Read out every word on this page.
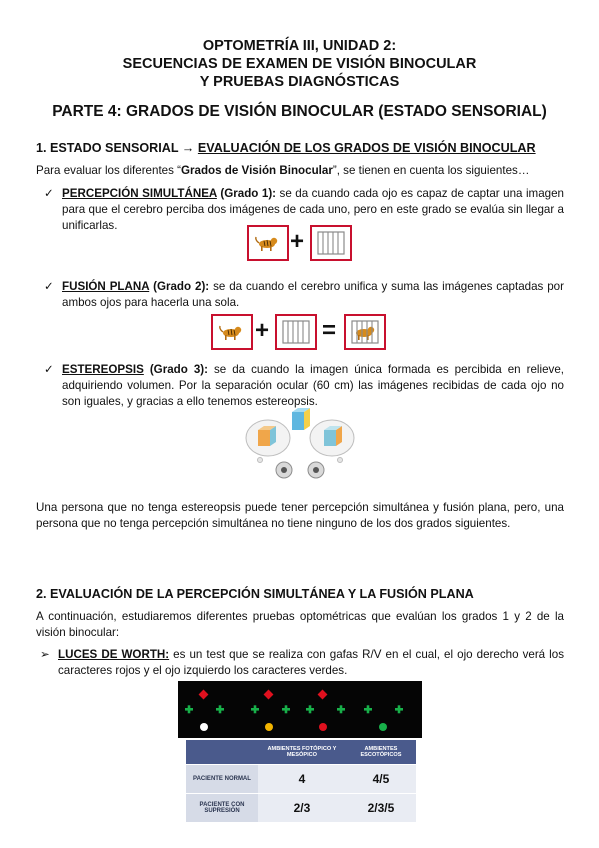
OPTOMETRÍA III, UNIDAD 2:
SECUENCIAS DE EXAMEN DE VISIÓN BINOCULAR
Y PRUEBAS DIAGNÓSTICAS
PARTE 4: GRADOS DE VISIÓN BINOCULAR (ESTADO SENSORIAL)
1. ESTADO SENSORIAL → EVALUACIÓN DE LOS GRADOS DE VISIÓN BINOCULAR
Para evaluar los diferentes “Grados de Visión Binocular”, se tienen en cuenta los siguientes…
✓ PERCEPCIÓN SIMULTÁNEA (Grado 1): se da cuando cada ojo es capaz de captar una imagen para que el cerebro perciba dos imágenes de cada uno, pero en este grado se evalúa sin llegar a unificarlas.
+
✓ FUSIÓN PLANA (Grado 2): se da cuando el cerebro unifica y suma las imágenes captadas por ambos ojos para hacerla una sola.
+ =
✓ ESTEREOPSIS (Grado 3): se da cuando la imagen única formada es percibida en relieve, adquiriendo volumen. Por la separación ocular (60 cm) las imágenes recibidas de cada ojo no son iguales, y gracias a ello tenemos estereopsis.
Una persona que no tenga estereopsis puede tener percepción simultánea y fusión plana, pero, una persona que no tenga percepción simultánea no tiene ninguno de los dos grados siguientes.
2. EVALUACIÓN DE LA PERCEPCIÓN SIMULTÁNEA Y LA FUSIÓN PLANA
A continuación, estudiaremos diferentes pruebas optométricas que evalúan los grados 1 y 2 de la visión binocular:
➢ LUCES DE WORTH: es un test que se realiza con gafas R/V en el cual, el ojo derecho verá los caracteres rojos y el ojo izquierdo los caracteres verdes.
	AMBIENTES FOTÓPICO Y MESÓPICO	AMBIENTES ESCOTÓPICOS
PACIENTE NORMAL	4	4/5
PACIENTE CON SUPRESIÓN	2/3	2/3/5
